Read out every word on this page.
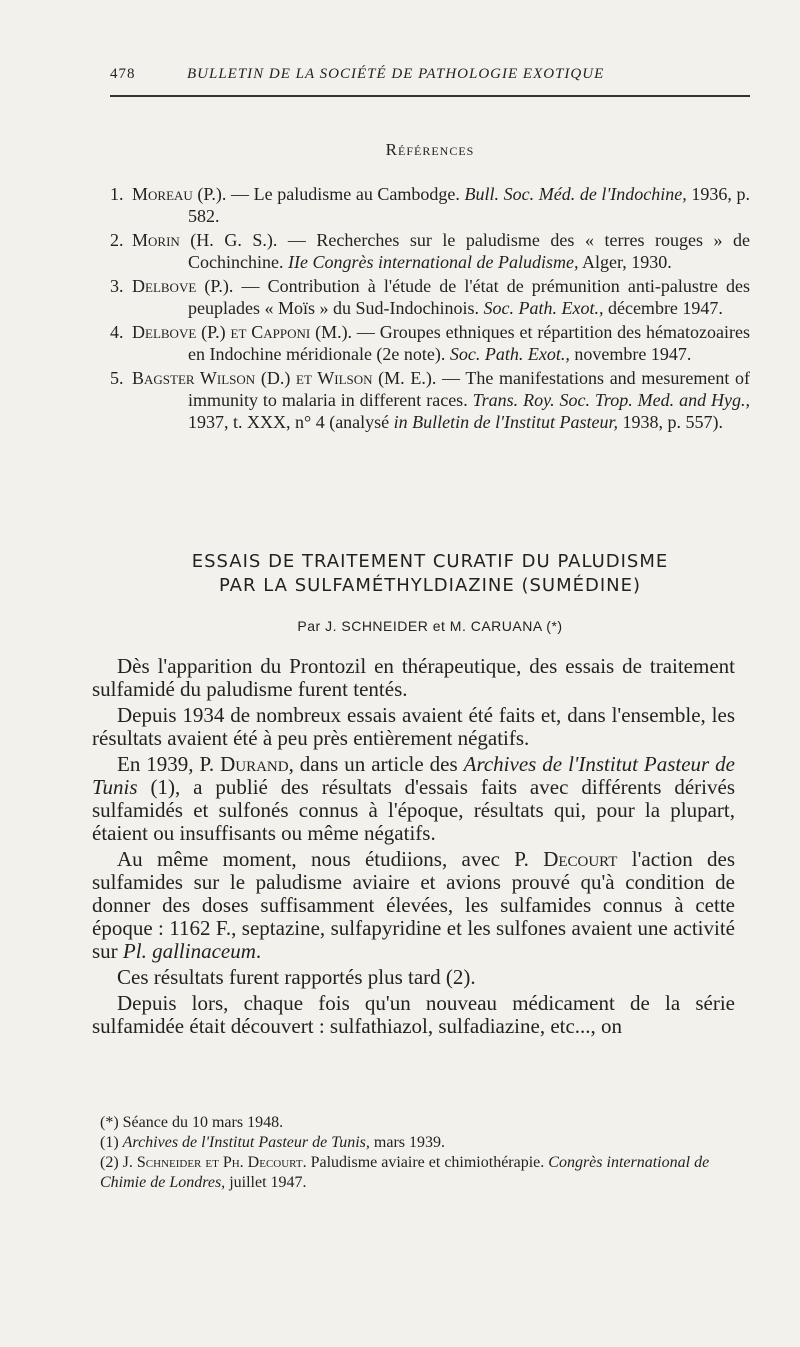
478	BULLETIN DE LA SOCIÉTÉ DE PATHOLOGIE EXOTIQUE
Références
1. Moreau (P.). — Le paludisme au Cambodge. Bull. Soc. Méd. de l'Indochine, 1936, p. 582.
2. Morin (H. G. S.). — Recherches sur le paludisme des « terres rouges » de Cochinchine. IIe Congrès international de Paludisme, Alger, 1930.
3. Delbove (P.). — Contribution à l'étude de l'état de prémunition anti-palustre des peuplades « Moïs » du Sud-Indochinois. Soc. Path. Exot., décembre 1947.
4. Delbove (P.) et Capponi (M.). — Groupes ethniques et répartition des hématozoaires en Indochine méridionale (2e note). Soc. Path. Exot., novembre 1947.
5. Bagster Wilson (D.) et Wilson (M. E.). — The manifestations and mesurement of immunity to malaria in different races. Trans. Roy. Soc. Trop. Med. and Hyg., 1937, t. XXX, n° 4 (analysé in Bulletin de l'Institut Pasteur, 1938, p. 557).
ESSAIS DE TRAITEMENT CURATIF DU PALUDISME
PAR LA SULFAMÉTHYLDIAZINE (SUMÉDINE)
Par J. SCHNEIDER et M. CARUANA (*)

Dès l'apparition du Prontozil en thérapeutique, des essais de traitement sulfamidé du paludisme furent tentés.

Depuis 1934 de nombreux essais avaient été faits et, dans l'ensemble, les résultats avaient été à peu près entièrement négatifs.

En 1939, P. Durand, dans un article des Archives de l'Institut Pasteur de Tunis (1), a publié des résultats d'essais faits avec différents dérivés sulfamidés et sulfonés connus à l'époque, résultats qui, pour la plupart, étaient ou insuffisants ou même négatifs.

Au même moment, nous étudiions, avec P. Decourt l'action des sulfamides sur le paludisme aviaire et avions prouvé qu'à condition de donner des doses suffisamment élevées, les sulfamides connus à cette époque : 1162 F., septazine, sulfapyridine et les sulfones avaient une activité sur Pl. gallinaceum.

Ces résultats furent rapportés plus tard (2).

Depuis lors, chaque fois qu'un nouveau médicament de la série sulfamidée était découvert : sulfathiazol, sulfadiazine, etc..., on

(*) Séance du 10 mars 1948.
(1) Archives de l'Institut Pasteur de Tunis, mars 1939.
(2) J. Schneider et Ph. Decourt. Paludisme aviaire et chimiothérapie. Congrès international de Chimie de Londres, juillet 1947.
